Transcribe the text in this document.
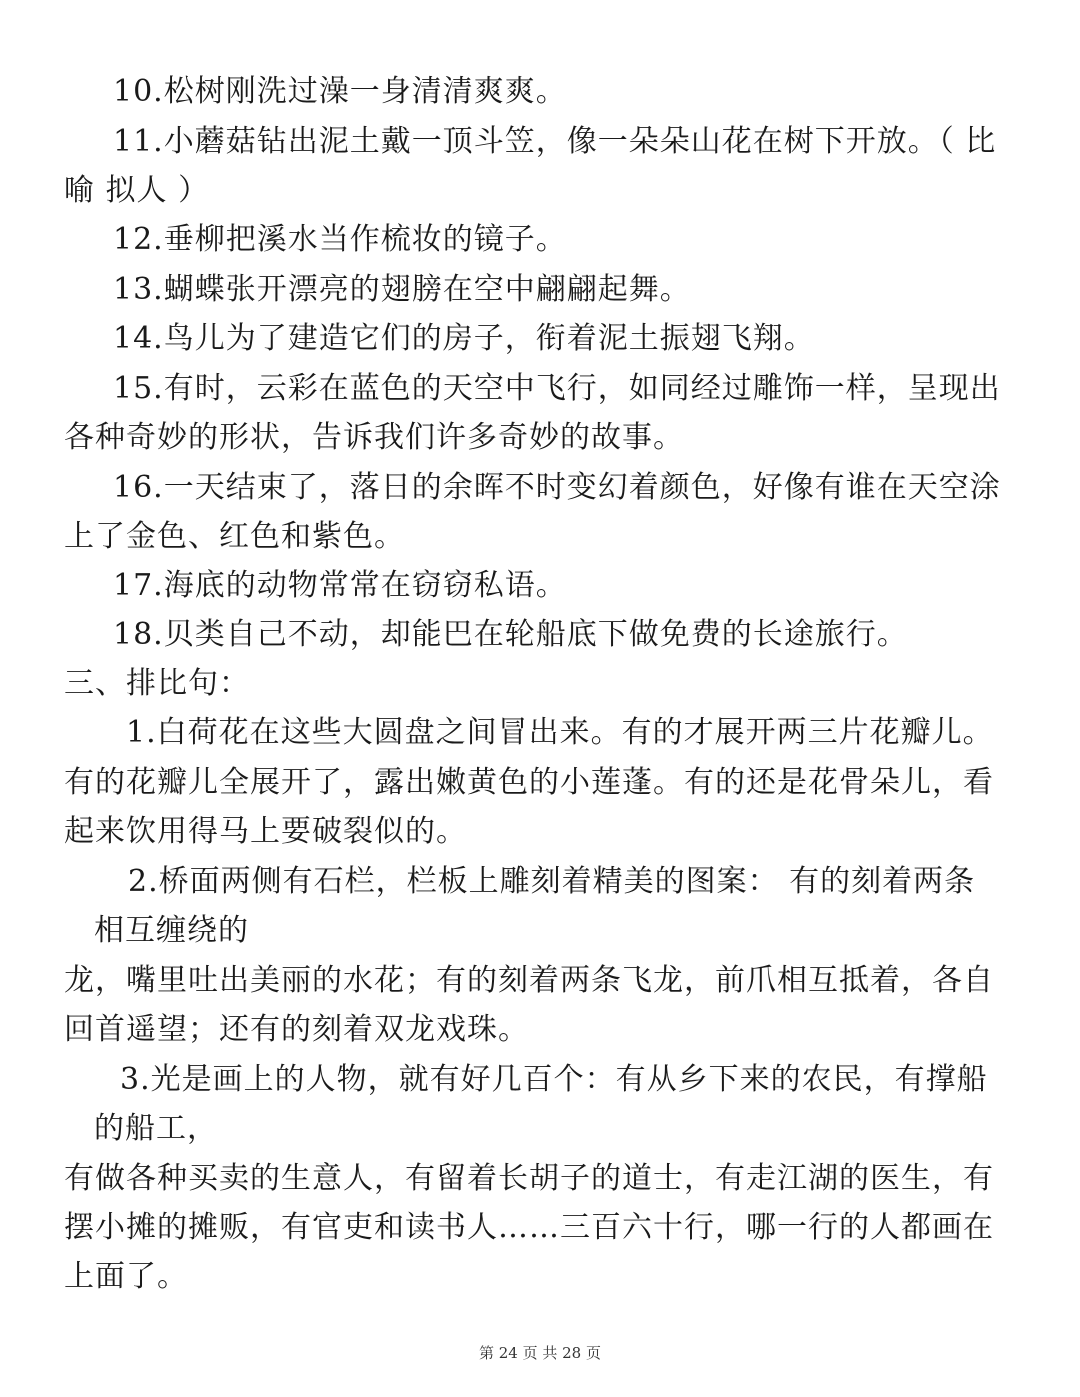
10.松树刚洗过澡一身清清爽爽。
11.小蘑菇钻出泥土戴一顶斗笠，像一朵朵山花在树下开放。（ 比
喻 拟人 ）
12.垂柳把溪水当作梳妆的镜子。
13.蝴蝶张开漂亮的翅膀在空中翩翩起舞。
14.鸟儿为了建造它们的房子，衔着泥土振翅飞翔。
15.有时，云彩在蓝色的天空中飞行，如同经过雕饰一样，呈现出
各种奇妙的形状，告诉我们许多奇妙的故事。
16.一天结束了，落日的余晖不时变幻着颜色，好像有谁在天空涂
上了金色、红色和紫色。
17.海底的动物常常在窃窃私语。
18.贝类自己不动，却能巴在轮船底下做免费的长途旅行。
三、排比句：
1.白荷花在这些大圆盘之间冒出来。有的才展开两三片花瓣儿。
有的花瓣儿全展开了，露出嫩黄色的小莲蓬。有的还是花骨朵儿，看
起来饮用得马上要破裂似的。
2.桥面两侧有石栏，栏板上雕刻着精美的图案： 有的刻着两条
相互缠绕的
龙，嘴里吐出美丽的水花；有的刻着两条飞龙，前爪相互抵着，各自
回首遥望；还有的刻着双龙戏珠。
3.光是画上的人物，就有好几百个：有从乡下来的农民，有撑船
的船工，
有做各种买卖的生意人，有留着长胡子的道士，有走江湖的医生，有
摆小摊的摊贩，有官吏和读书人……三百六十行，哪一行的人都画在
上面了。
第 24 页 共 28 页
